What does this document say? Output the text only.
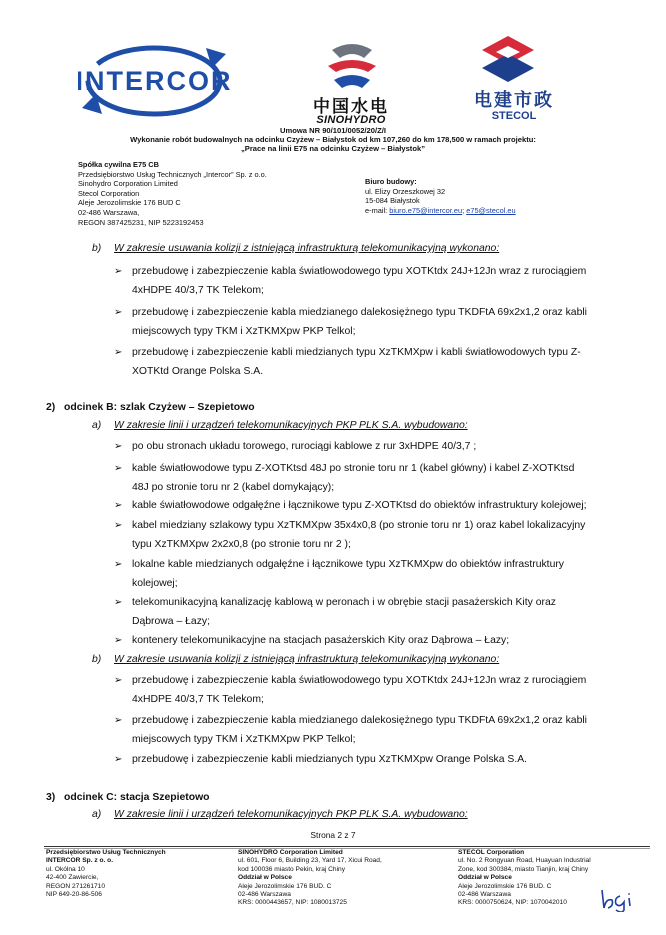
INTERCOR
中国水电
SINOHYDRO
电建市政
STECOL
Umowa NR 90/101/0052/20/Z/I
Wykonanie robót budowalnych na odcinku Czyżew – Białystok od km 107,260 do km 178,500 w ramach projektu:
„Prace na linii E75 na odcinku Czyżew – Białystok”
Spółka cywilna E75 CB
Przedsiębiorstwo Usług Technicznych „Intercor” Sp. z o.o.
Sinohydro Corporation Limited
Stecol Corporation
Aleje Jerozolimskie 176 BUD C
02-486 Warszawa,
REGON 387425231, NIP 5223192453
Biuro budowy:
ul. Elizy Orzeszkowej 32
15-084 Białystok
e-mail: biuro.e75@intercor.eu; e75@stecol.eu
b) W zakresie usuwania kolizji z istniejącą infrastrukturą telekomunikacyjną wykonano:
➢ przebudowę i zabezpieczenie kabla światłowodowego typu XOTKtdx 24J+12Jn wraz z rurociągiem
4xHDPE 40/3,7 TK Telekom;
➢ przebudowę i zabezpieczenie kabla miedzianego dalekosiężnego typu TKDFtA 69x2x1,2 oraz kabli
miejscowych typy TKM i XzTKMXpw PKP Telkol;
➢ przebudowę i zabezpieczenie kabli miedzianych typu XzTKMXpw i kabli światłowodowych typu Z-
XOTKtd Orange Polska S.A.
2) odcinek B: szlak Czyżew – Szepietowo
a) W zakresie linii i urządzeń telekomunikacyjnych PKP PLK S.A. wybudowano:
➢ po obu stronach układu torowego, rurociągi kablowe z rur 3xHDPE 40/3,7 ;
➢ kable światłowodowe typu Z-XOTKtsd 48J po stronie toru nr 1 (kabel główny) i kabel Z-XOTKtsd
48J po stronie toru nr 2 (kabel domykający);
➢ kable światłowodowe odgałęźne i łącznikowe typu Z-XOTKtsd do obiektów infrastruktury kolejowej;
➢ kabel miedziany szlakowy typu XzTKMXpw 35x4x0,8 (po stronie toru nr 1) oraz kabel lokalizacyjny
typu XzTKMXpw 2x2x0,8 (po stronie toru nr 2 );
➢ lokalne kable miedzianych odgałęźne i łącznikowe typu XzTKMXpw do obiektów infrastruktury
kolejowej;
➢ telekomunikacyjną kanalizację kablową w peronach i w obrębie stacji pasażerskich Kity oraz
Dąbrowa – Łazy;
➢ kontenery telekomunikacyjne na stacjach pasażerskich Kity oraz Dąbrowa – Łazy;
b) W zakresie usuwania kolizji z istniejącą infrastrukturą telekomunikacyjną wykonano:
➢ przebudowę i zabezpieczenie kabla światłowodowego typu XOTKtdx 24J+12Jn wraz z rurociągiem
4xHDPE 40/3,7 TK Telekom;
➢ przebudowę i zabezpieczenie kabla miedzianego dalekosiężnego typu TKDFtA 69x2x1,2 oraz kabli
miejscowych typy TKM i XzTKMXpw PKP Telkol;
➢ przebudowę i zabezpieczenie kabli miedzianych typu XzTKMXpw Orange Polska S.A.
3) odcinek C: stacja Szepietowo
a) W zakresie linii i urządzeń telekomunikacyjnych PKP PLK S.A. wybudowano:
Strona 2 z 7
Przedsiębiorstwo Usług Technicznych
INTERCOR Sp. z o. o.
ul. Okólna 10
42-400 Zawiercie,
REGON 271261710
NIP 649-20-86-506
SINOHYDRO Corporation Limited
ul. 601, Floor 6, Building 23, Yard 17, Xicui Road,
kod 100036 miasto Pekin, kraj Chiny
Oddział w Polsce
Aleje Jerozolimskie 176 BUD. C
02-486 Warszawa
KRS: 0000443657, NIP: 1080013725
STECOL Corporation
ul. No. 2 Rongyuan Road, Huayuan Industrial
Zone, kod 300384, miasto Tianjin, kraj Chiny
Oddział w Polsce
Aleje Jerozolimskie 176 BUD. C
02-486 Warszawa
KRS: 0000750624, NIP: 1070042010
